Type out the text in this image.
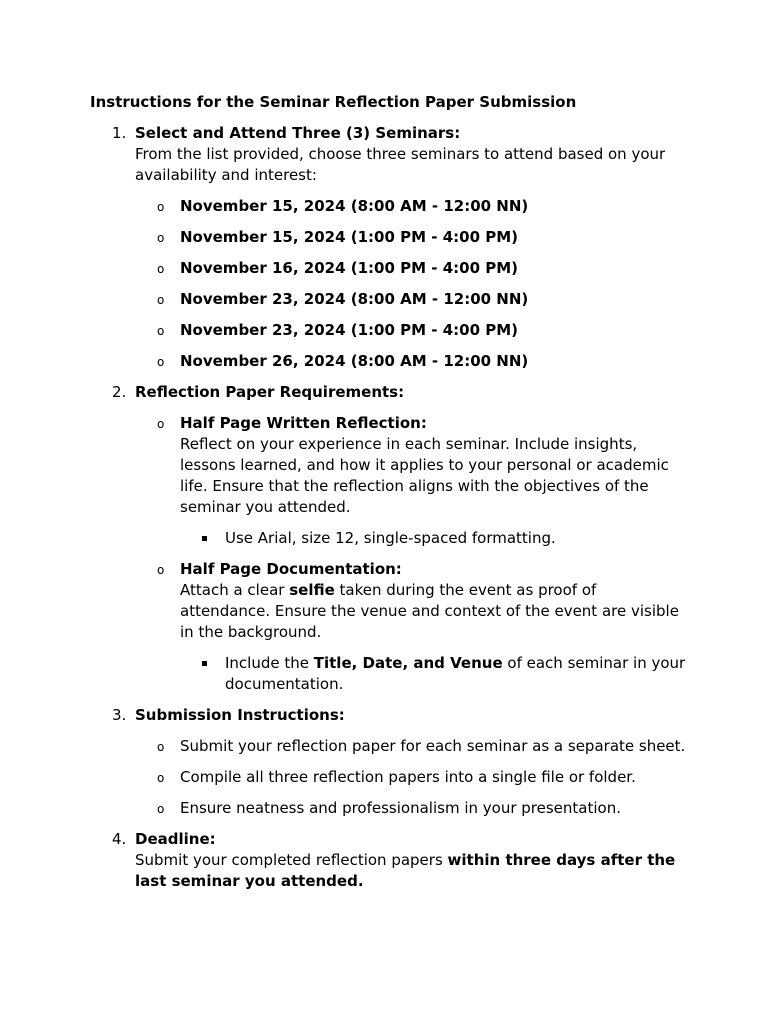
Instructions for the Seminar Reflection Paper Submission
1. Select and Attend Three (3) Seminars:
From the list provided, choose three seminars to attend based on your availability and interest:
o November 15, 2024 (8:00 AM - 12:00 NN)
o November 15, 2024 (1:00 PM - 4:00 PM)
o November 16, 2024 (1:00 PM - 4:00 PM)
o November 23, 2024 (8:00 AM - 12:00 NN)
o November 23, 2024 (1:00 PM - 4:00 PM)
o November 26, 2024 (8:00 AM - 12:00 NN)
2. Reflection Paper Requirements:
o Half Page Written Reflection:
Reflect on your experience in each seminar. Include insights, lessons learned, and how it applies to your personal or academic life. Ensure that the reflection aligns with the objectives of the seminar you attended.
Use Arial, size 12, single-spaced formatting.
o Half Page Documentation:
Attach a clear selfie taken during the event as proof of attendance. Ensure the venue and context of the event are visible in the background.
Include the Title, Date, and Venue of each seminar in your documentation.
3. Submission Instructions:
o Submit your reflection paper for each seminar as a separate sheet.
o Compile all three reflection papers into a single file or folder.
o Ensure neatness and professionalism in your presentation.
4. Deadline:
Submit your completed reflection papers within three days after the last seminar you attended.
